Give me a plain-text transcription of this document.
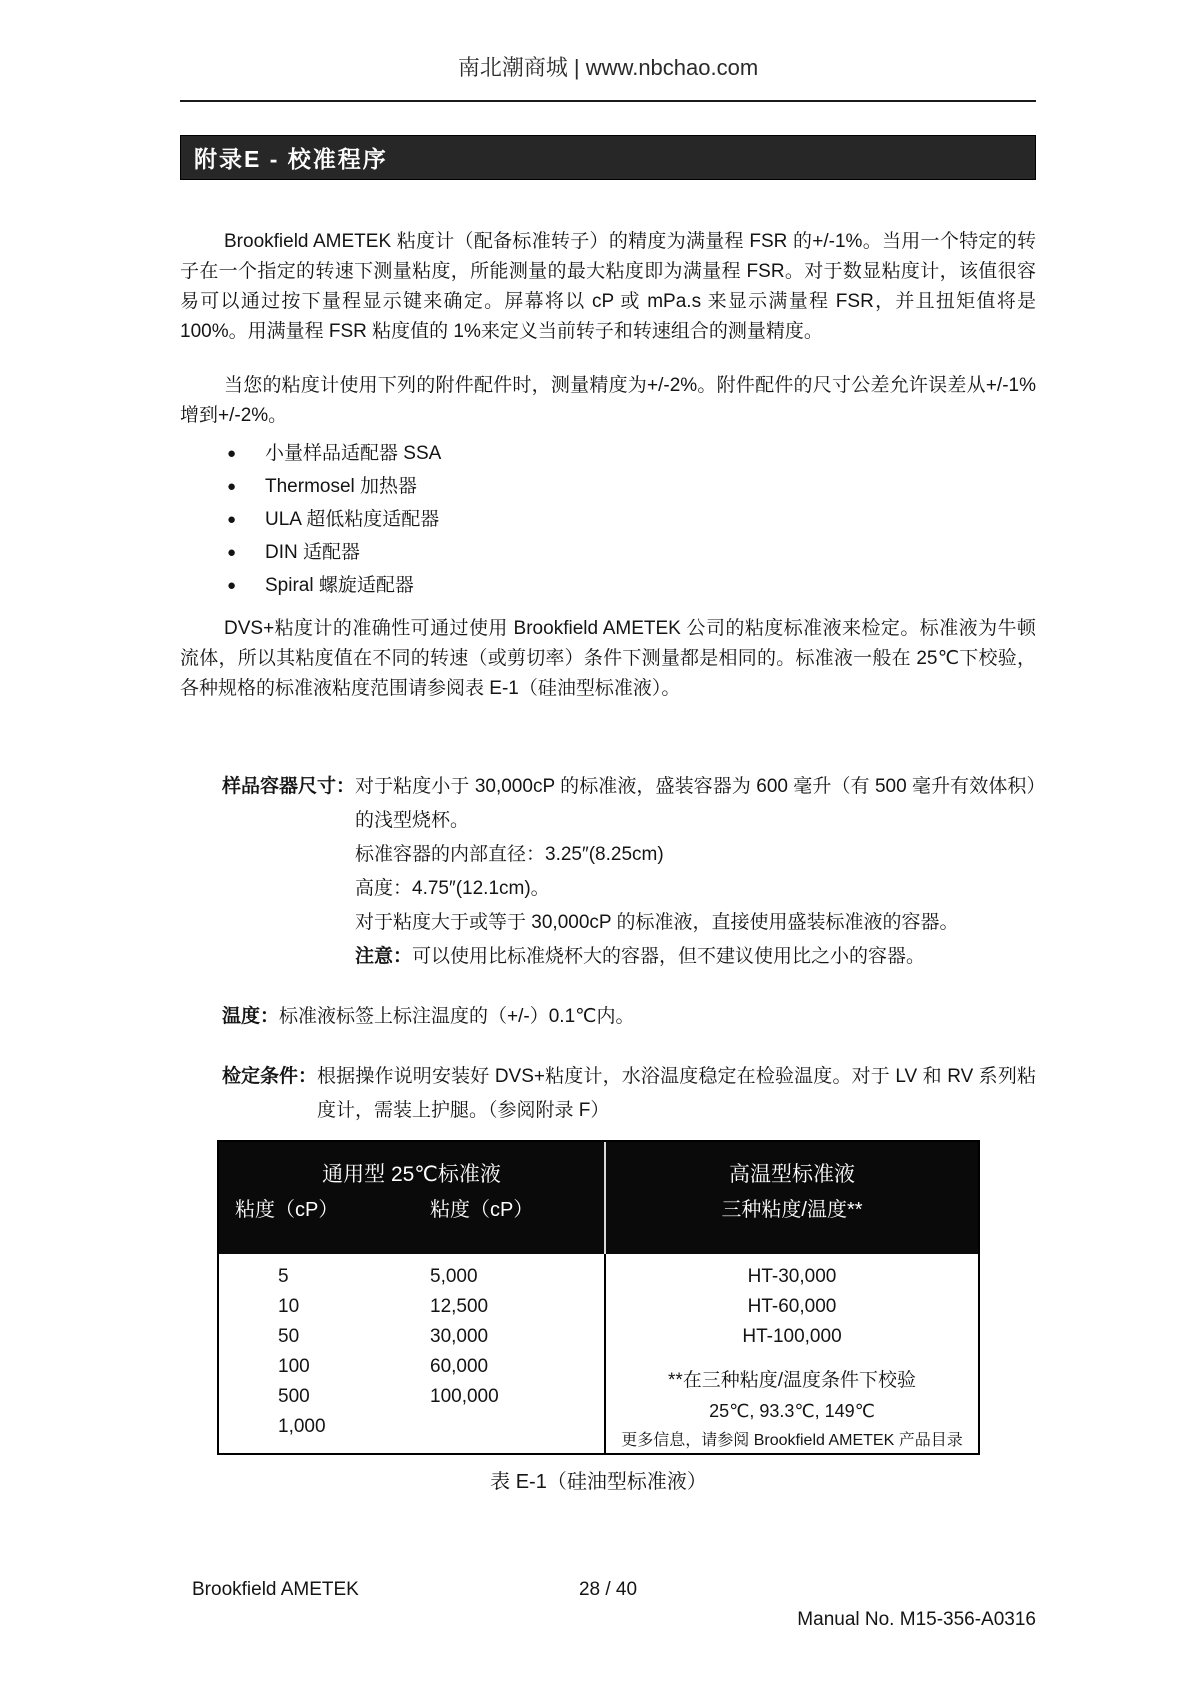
南北潮商城 | www.nbchao.com
附录E - 校准程序

Brookfield AMETEK 粘度计（配备标准转子）的精度为满量程 FSR 的+/-1%。当用一个特定的转子在一个指定的转速下测量粘度，所能测量的最大粘度即为满量程 FSR。对于数显粘度计，该值很容易可以通过按下量程显示键来确定。屏幕将以 cP 或 mPa.s 来显示满量程 FSR，并且扭矩值将是 100%。用满量程 FSR 粘度值的 1%来定义当前转子和转速组合的测量精度。

当您的粘度计使用下列的附件配件时，测量精度为+/-2%。附件配件的尺寸公差允许误差从+/-1%增到+/-2%。

● 小量样品适配器 SSA
● Thermosel 加热器
● ULA 超低粘度适配器
● DIN 适配器
● Spiral 螺旋适配器

DVS+粘度计的准确性可通过使用 Brookfield AMETEK 公司的粘度标准液来检定。标准液为牛顿流体，所以其粘度值在不同的转速（或剪切率）条件下测量都是相同的。标准液一般在 25℃下校验，各种规格的标准液粘度范围请参阅表 E-1（硅油型标准液）。

样品容器尺寸： 对于粘度小于 30,000cP 的标准液，盛装容器为 600 毫升（有 500 毫升有效体积）的浅型烧杯。

标准容器的内部直径：3.25″(8.25cm)

高度：4.75″(12.1cm)。

对于粘度大于或等于 30,000cP 的标准液，直接使用盛装标准液的容器。

注意：可以使用比标准烧杯大的容器，但不建议使用比之小的容器。

温度： 标准液标签上标注温度的（+/-）0.1℃内。
检定条件： 根据操作说明安装好 DVS+粘度计，水浴温度稳定在检验温度。对于 LV 和 RV 系列粘度计，需装上护腿。（参阅附录 F）
通用型 25℃标准液
粘度（cP）	粘度（cP）
高温型标准液
三种粘度/温度**
5
10
50
100
500
1,000
5,000
12,500
30,000
60,000
100,000
HT-30,000
HT-60,000
HT-100,000
**在三种粘度/温度条件下校验
25℃, 93.3℃, 149℃
更多信息，请参阅 Brookfield AMETEK 产品目录
表 E-1（硅油型标准液）
Brookfield AMETEK	28 / 40
Manual No. M15-356-A0316
